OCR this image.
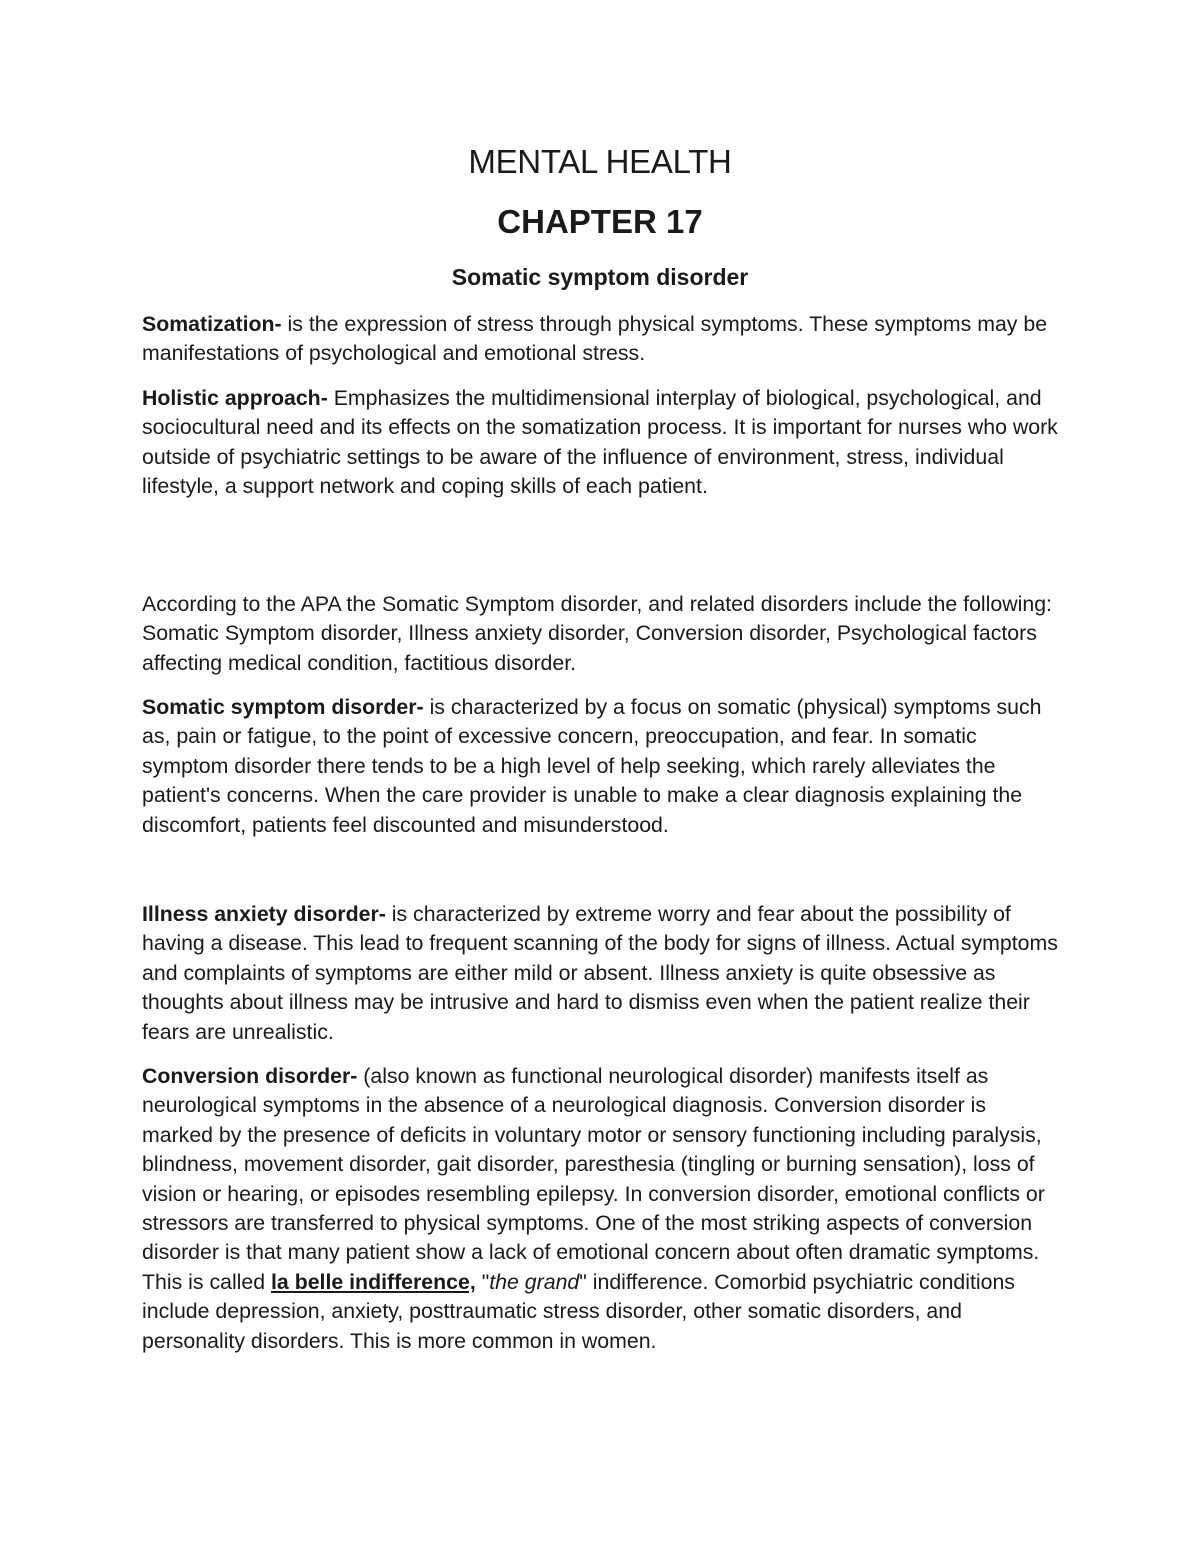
MENTAL HEALTH
CHAPTER 17
Somatic symptom disorder

Somatization- is the expression of stress through physical symptoms. These symptoms may be manifestations of psychological and emotional stress.

Holistic approach- Emphasizes the multidimensional interplay of biological, psychological, and sociocultural need and its effects on the somatization process. It is important for nurses who work outside of psychiatric settings to be aware of the influence of environment, stress, individual lifestyle, a support network and coping skills of each patient.

According to the APA the Somatic Symptom disorder, and related disorders include the following: Somatic Symptom disorder, Illness anxiety disorder, Conversion disorder, Psychological factors affecting medical condition, factitious disorder.

Somatic symptom disorder- is characterized by a focus on somatic (physical) symptoms such as, pain or fatigue, to the point of excessive concern, preoccupation, and fear. In somatic symptom disorder there tends to be a high level of help seeking, which rarely alleviates the patient's concerns. When the care provider is unable to make a clear diagnosis explaining the discomfort, patients feel discounted and misunderstood.

Illness anxiety disorder- is characterized by extreme worry and fear about the possibility of having a disease. This lead to frequent scanning of the body for signs of illness. Actual symptoms and complaints of symptoms are either mild or absent. Illness anxiety is quite obsessive as thoughts about illness may be intrusive and hard to dismiss even when the patient realize their fears are unrealistic.

Conversion disorder- (also known as functional neurological disorder) manifests itself as neurological symptoms in the absence of a neurological diagnosis. Conversion disorder is marked by the presence of deficits in voluntary motor or sensory functioning including paralysis, blindness, movement disorder, gait disorder, paresthesia (tingling or burning sensation), loss of vision or hearing, or episodes resembling epilepsy. In conversion disorder, emotional conflicts or stressors are transferred to physical symptoms. One of the most striking aspects of conversion disorder is that many patient show a lack of emotional concern about often dramatic symptoms. This is called la belle indifference, "the grand" indifference. Comorbid psychiatric conditions include depression, anxiety, posttraumatic stress disorder, other somatic disorders, and personality disorders. This is more common in women.
